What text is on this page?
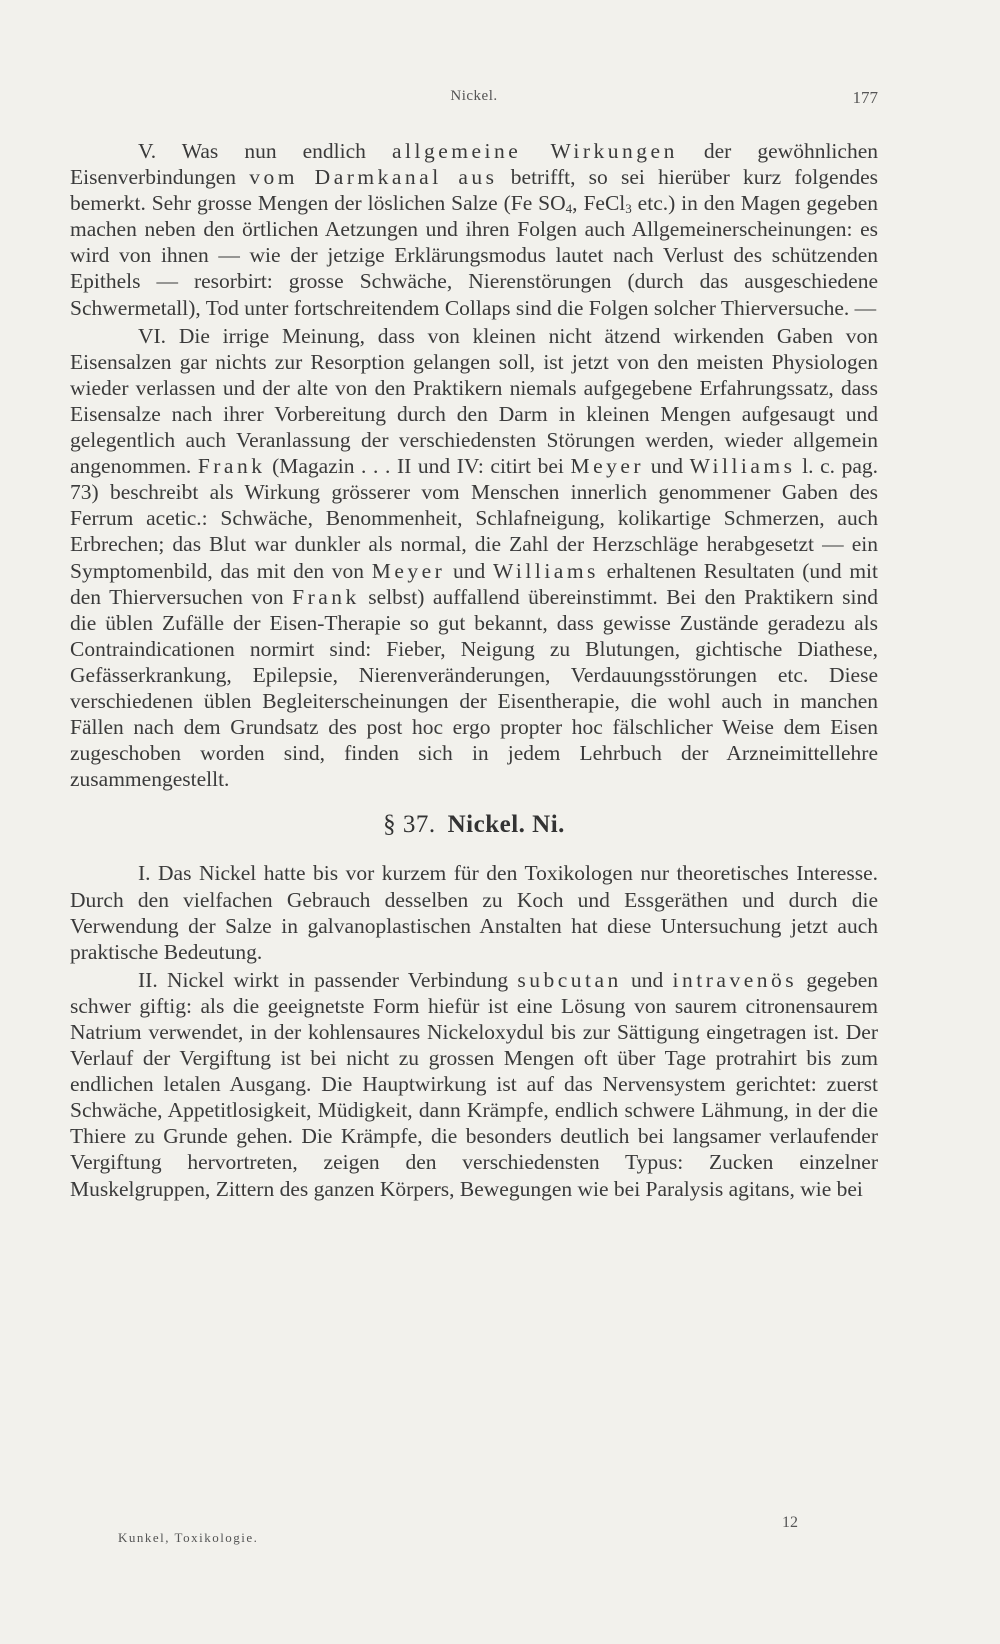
Nickel.	177

V. Was nun endlich allgemeine Wirkungen der gewöhnlichen Eisenverbindungen vom Darmkanal aus betrifft, so sei hierüber kurz folgendes bemerkt. Sehr grosse Mengen der löslichen Salze (Fe $SO_4$, FeCl$_3$ etc.) in den Magen gegeben machen neben den örtlichen Aetzungen und ihren Folgen auch Allgemeinerscheinungen: es wird von ihnen — wie der jetzige Erklärungsmodus lautet nach Verlust des schützenden Epithels — resorbirt: grosse Schwäche, Nierenstörungen (durch das ausgeschiedene Schwermetall), Tod unter fortschreitendem Collaps sind die Folgen solcher Thierversuche. —

VI. Die irrige Meinung, dass von kleinen nicht ätzend wirkenden Gaben von Eisensalzen gar nichts zur Resorption gelangen soll, ist jetzt von den meisten Physiologen wieder verlassen und der alte von den Praktikern niemals aufgegebene Erfahrungssatz, dass Eisensalze nach ihrer Vorbereitung durch den Darm in kleinen Mengen aufgesaugt und gelegentlich auch Veranlassung der verschiedensten Störungen werden, wieder allgemein angenommen. Frank (Magazin . . . II und IV: citirt bei Meyer und Williams l. c. pag. 73) beschreibt als Wirkung grösserer vom Menschen innerlich genommener Gaben des Ferrum acetic.: Schwäche, Benommenheit, Schlafneigung, kolikartige Schmerzen, auch Erbrechen; das Blut war dunkler als normal, die Zahl der Herzschläge herabgesetzt — ein Symptomenbild, das mit den von Meyer und Williams erhaltenen Resultaten (und mit den Thierversuchen von Frank selbst) auffallend übereinstimmt. Bei den Praktikern sind die üblen Zufälle der Eisen-Therapie so gut bekannt, dass gewisse Zustände geradezu als Contraindicationen normirt sind: Fieber, Neigung zu Blutungen, gichtische Diathese, Gefässerkrankung, Epilepsie, Nierenveränderungen, Verdauungsstörungen etc. Diese verschiedenen üblen Begleiterscheinungen der Eisentherapie, die wohl auch in manchen Fällen nach dem Grundsatz des post hoc ergo propter hoc fälschlicher Weise dem Eisen zugeschoben worden sind, finden sich in jedem Lehrbuch der Arzneimittellehre zusammengestellt.

§ 37. Nickel. Ni.

I. Das Nickel hatte bis vor kurzem für den Toxikologen nur theoretisches Interesse. Durch den vielfachen Gebrauch desselben zu Koch und Essgeräthen und durch die Verwendung der Salze in galvanoplastischen Anstalten hat diese Untersuchung jetzt auch praktische Bedeutung.

II. Nickel wirkt in passender Verbindung subcutan und intravenös gegeben schwer giftig: als die geeignetste Form hiefür ist eine Lösung von saurem citronensaurem Natrium verwendet, in der kohlensaures Nickeloxydul bis zur Sättigung eingetragen ist. Der Verlauf der Vergiftung ist bei nicht zu grossen Mengen oft über Tage protrahirt bis zum endlichen letalen Ausgang. Die Hauptwirkung ist auf das Nervensystem gerichtet: zuerst Schwäche, Appetitlosigkeit, Müdigkeit, dann Krämpfe, endlich schwere Lähmung, in der die Thiere zu Grunde gehen. Die Krämpfe, die besonders deutlich bei langsamer verlaufender Vergiftung hervortreten, zeigen den verschiedensten Typus: Zucken einzelner Muskelgruppen, Zittern des ganzen Körpers, Bewegungen wie bei Paralysis agitans, wie bei

Kunkel, Toxikologie.
12
